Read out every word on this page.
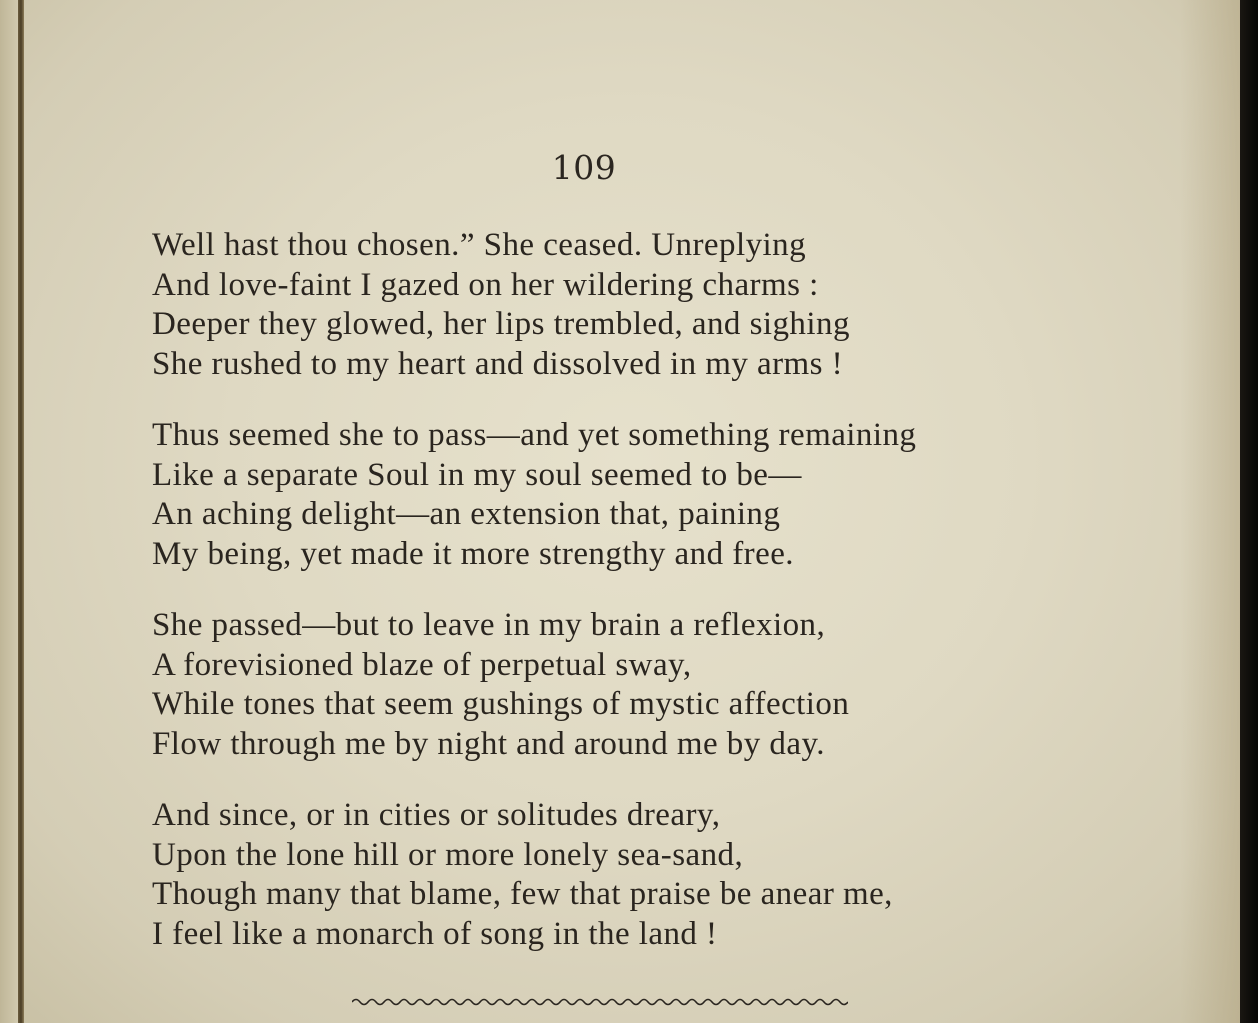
109
Well hast thou chosen.” She ceased. Unreplying
And love-faint I gazed on her wildering charms :
Deeper they glowed, her lips trembled, and sighing
She rushed to my heart and dissolved in my arms !
Thus seemed she to pass—and yet something remaining
Like a separate Soul in my soul seemed to be—
An aching delight—an extension that, paining
My being, yet made it more strengthy and free.
She passed—but to leave in my brain a reflexion,
A forevisioned blaze of perpetual sway,
While tones that seem gushings of mystic affection
Flow through me by night and around me by day.
And since, or in cities or solitudes dreary,
Upon the lone hill or more lonely sea-sand,
Though many that blame, few that praise be anear me,
I feel like a monarch of song in the land !
